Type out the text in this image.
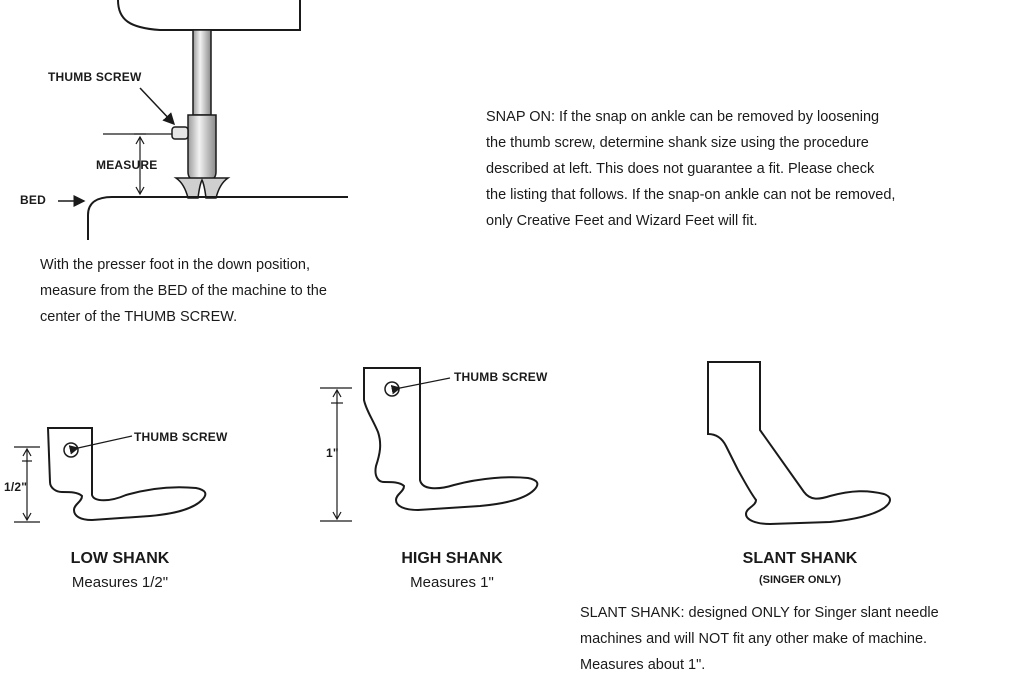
THUMB SCREW
MEASURE
BED
With the presser foot in the down position,
measure from the BED of the machine to the
center of the THUMB SCREW.
SNAP ON: If the snap on ankle can be removed by loosening
the thumb screw, determine shank size using the procedure
described at left. This does not guarantee a fit. Please check
the listing that follows. If the snap-on ankle can not be removed,
only Creative Feet and Wizard Feet will fit.
THUMB SCREW
1/2"
LOW SHANK
Measures 1/2"
THUMB SCREW
1"
HIGH SHANK
Measures 1"
SLANT SHANK
(SINGER ONLY)
SLANT SHANK: designed ONLY for Singer slant needle
machines and will NOT fit any other make of machine.
Measures about 1".
